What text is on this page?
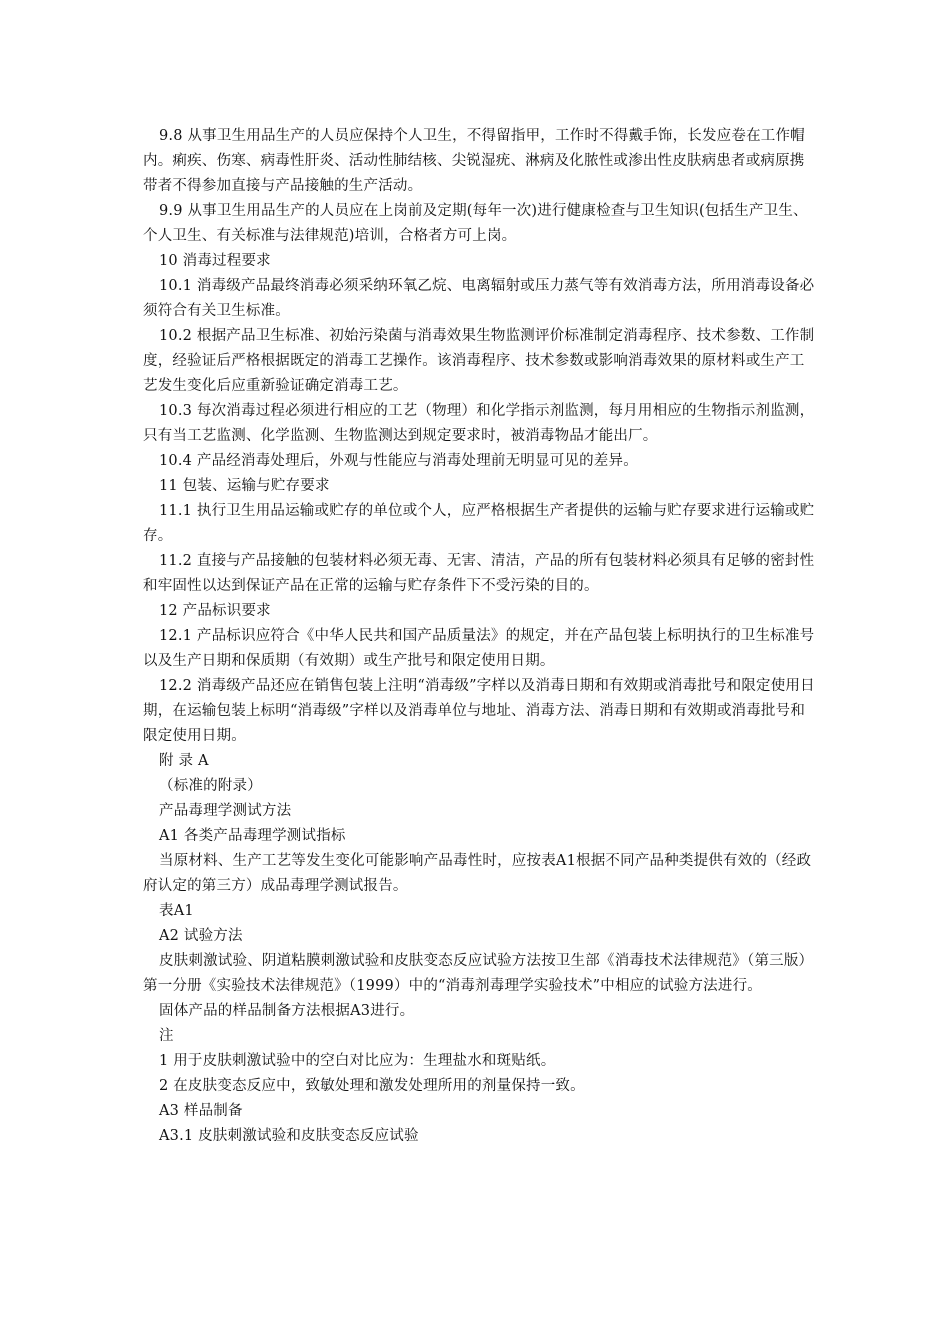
9.8 从事卫生用品生产的人员应保持个人卫生，不得留指甲，工作时不得戴手饰，长发应卷在工作帽内。痢疾、伤寒、病毒性肝炎、活动性肺结核、尖锐湿疣、淋病及化脓性或渗出性皮肤病患者或病原携带者不得参加直接与产品接触的生产活动。

9.9 从事卫生用品生产的人员应在上岗前及定期(每年一次)进行健康检查与卫生知识(包括生产卫生、个人卫生、有关标准与法律规范)培训，合格者方可上岗。

10 消毒过程要求

10.1 消毒级产品最终消毒必须采纳环氧乙烷、电离辐射或压力蒸气等有效消毒方法，所用消毒设备必须符合有关卫生标准。

10.2 根据产品卫生标准、初始污染菌与消毒效果生物监测评价标准制定消毒程序、技术参数、工作制度，经验证后严格根据既定的消毒工艺操作。该消毒程序、技术参数或影响消毒效果的原材料或生产工艺发生变化后应重新验证确定消毒工艺。

10.3 每次消毒过程必须进行相应的工艺（物理）和化学指示剂监测，每月用相应的生物指示剂监测，只有当工艺监测、化学监测、生物监测达到规定要求时，被消毒物品才能出厂。

10.4 产品经消毒处理后，外观与性能应与消毒处理前无明显可见的差异。

11 包装、运输与贮存要求

11.1 执行卫生用品运输或贮存的单位或个人，应严格根据生产者提供的运输与贮存要求进行运输或贮存。

11.2 直接与产品接触的包装材料必须无毒、无害、清洁，产品的所有包装材料必须具有足够的密封性和牢固性以达到保证产品在正常的运输与贮存条件下不受污染的目的。

12 产品标识要求

12.1 产品标识应符合《中华人民共和国产品质量法》的规定，并在产品包装上标明执行的卫生标准号以及生产日期和保质期（有效期）或生产批号和限定使用日期。

12.2 消毒级产品还应在销售包装上注明“消毒级”字样以及消毒日期和有效期或消毒批号和限定使用日期，在运输包装上标明“消毒级”字样以及消毒单位与地址、消毒方法、消毒日期和有效期或消毒批号和限定使用日期。

附 录 A

（标准的附录）

产品毒理学测试方法

A1 各类产品毒理学测试指标

当原材料、生产工艺等发生变化可能影响产品毒性时，应按表A1根据不同产品种类提供有效的（经政府认定的第三方）成品毒理学测试报告。

表A1

A2 试验方法

皮肤刺激试验、阴道粘膜刺激试验和皮肤变态反应试验方法按卫生部《消毒技术法律规范》（第三版）第一分册《实验技术法律规范》（1999）中的“消毒剂毒理学实验技术”中相应的试验方法进行。

固体产品的样品制备方法根据A3进行。

注

1 用于皮肤刺激试验中的空白对比应为：生理盐水和斑贴纸。

2 在皮肤变态反应中，致敏处理和激发处理所用的剂量保持一致。

A3 样品制备

A3.1 皮肤刺激试验和皮肤变态反应试验
